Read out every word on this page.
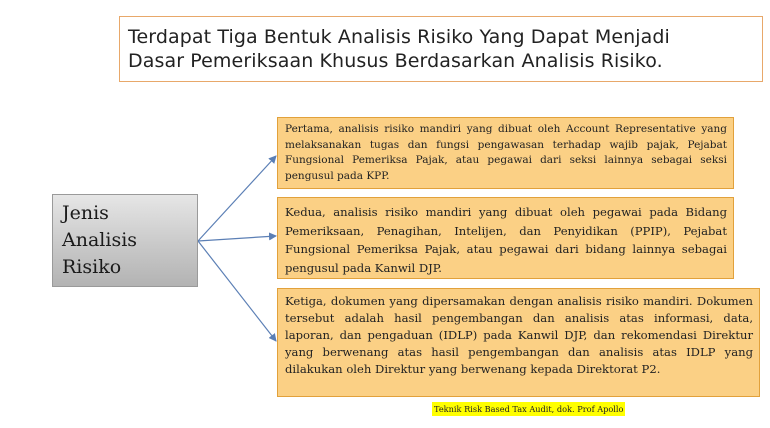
Terdapat Tiga Bentuk Analisis Risiko Yang Dapat Menjadi
Dasar Pemeriksaan Khusus Berdasarkan Analisis Risiko.
Jenis
Analisis
Risiko
Pertama, analisis risiko mandiri yang dibuat oleh Account Representative yang melaksanakan tugas dan fungsi pengawasan terhadap wajib pajak, Pejabat Fungsional Pemeriksa Pajak, atau pegawai dari seksi lainnya sebagai seksi pengusul pada KPP.
Kedua, analisis risiko mandiri yang dibuat oleh pegawai pada Bidang Pemeriksaan, Penagihan, Intelijen, dan Penyidikan (PPIP), Pejabat Fungsional Pemeriksa Pajak, atau pegawai dari bidang lainnya sebagai pengusul pada Kanwil DJP.
Ketiga, dokumen yang dipersamakan dengan analisis risiko mandiri. Dokumen tersebut adalah hasil pengembangan dan analisis atas informasi, data, laporan, dan pengaduan (IDLP) pada Kanwil DJP, dan rekomendasi Direktur yang berwenang atas hasil pengembangan dan analisis atas IDLP yang dilakukan oleh Direktur yang berwenang kepada Direktorat P2.
Teknik Risk Based Tax Audit, dok. Prof Apollo
